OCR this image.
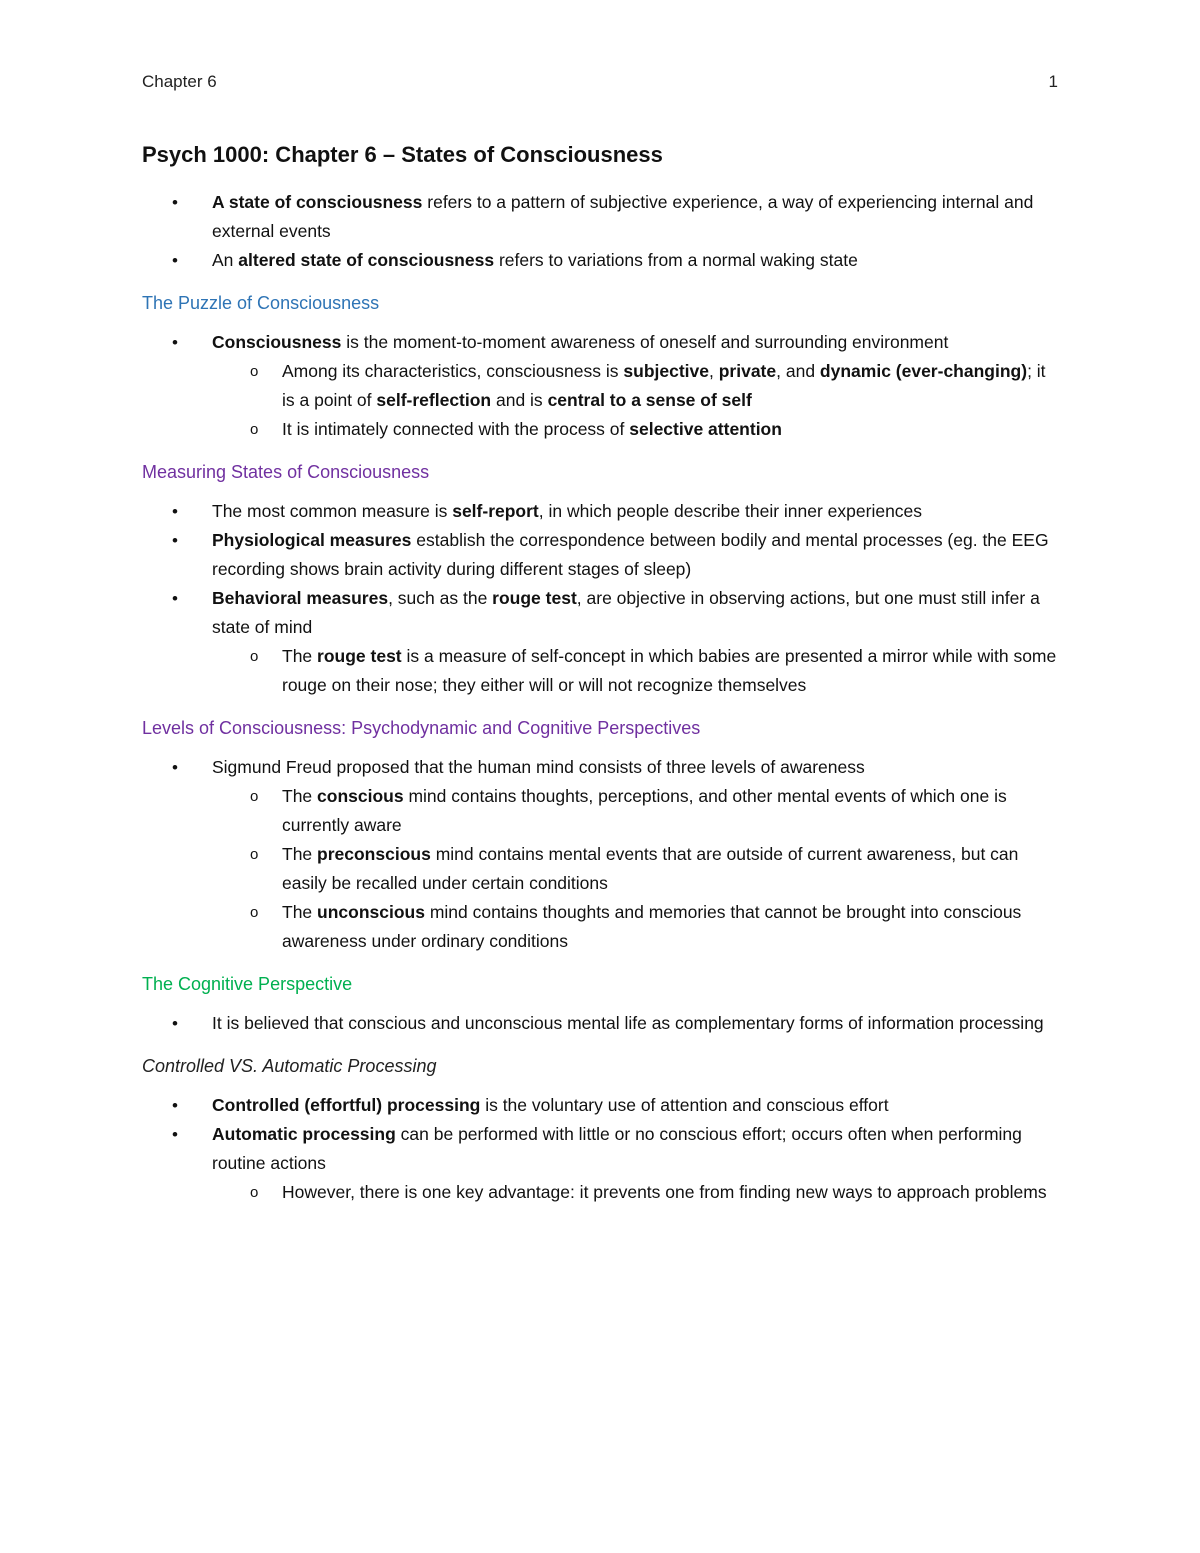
Chapter 6	1
Psych 1000: Chapter 6 – States of Consciousness
• A state of consciousness refers to a pattern of subjective experience, a way of experiencing internal and external events
• An altered state of consciousness refers to variations from a normal waking state
The Puzzle of Consciousness
• Consciousness is the moment-to-moment awareness of oneself and surrounding environment
o	Among its characteristics, consciousness is subjective, private, and dynamic (ever-changing); it is a point of self-reflection and is central to a sense of self
o	It is intimately connected with the process of selective attention
Measuring States of Consciousness
• The most common measure is self-report, in which people describe their inner experiences
• Physiological measures establish the correspondence between bodily and mental processes (eg. the EEG recording shows brain activity during different stages of sleep)
• Behavioral measures, such as the rouge test, are objective in observing actions, but one must still infer a state of mind
o	The rouge test is a measure of self-concept in which babies are presented a mirror while with some rouge on their nose; they either will or will not recognize themselves
Levels of Consciousness: Psychodynamic and Cognitive Perspectives
• Sigmund Freud proposed that the human mind consists of three levels of awareness
o	The conscious mind contains thoughts, perceptions, and other mental events of which one is currently aware
o	The preconscious mind contains mental events that are outside of current awareness, but can easily be recalled under certain conditions
o	The unconscious mind contains thoughts and memories that cannot be brought into conscious awareness under ordinary conditions
The Cognitive Perspective
• It is believed that conscious and unconscious mental life as complementary forms of information processing
Controlled VS. Automatic Processing
• Controlled (effortful) processing is the voluntary use of attention and conscious effort
• Automatic processing can be performed with little or no conscious effort; occurs often when performing routine actions
o	However, there is one key advantage: it prevents one from finding new ways to approach problems
